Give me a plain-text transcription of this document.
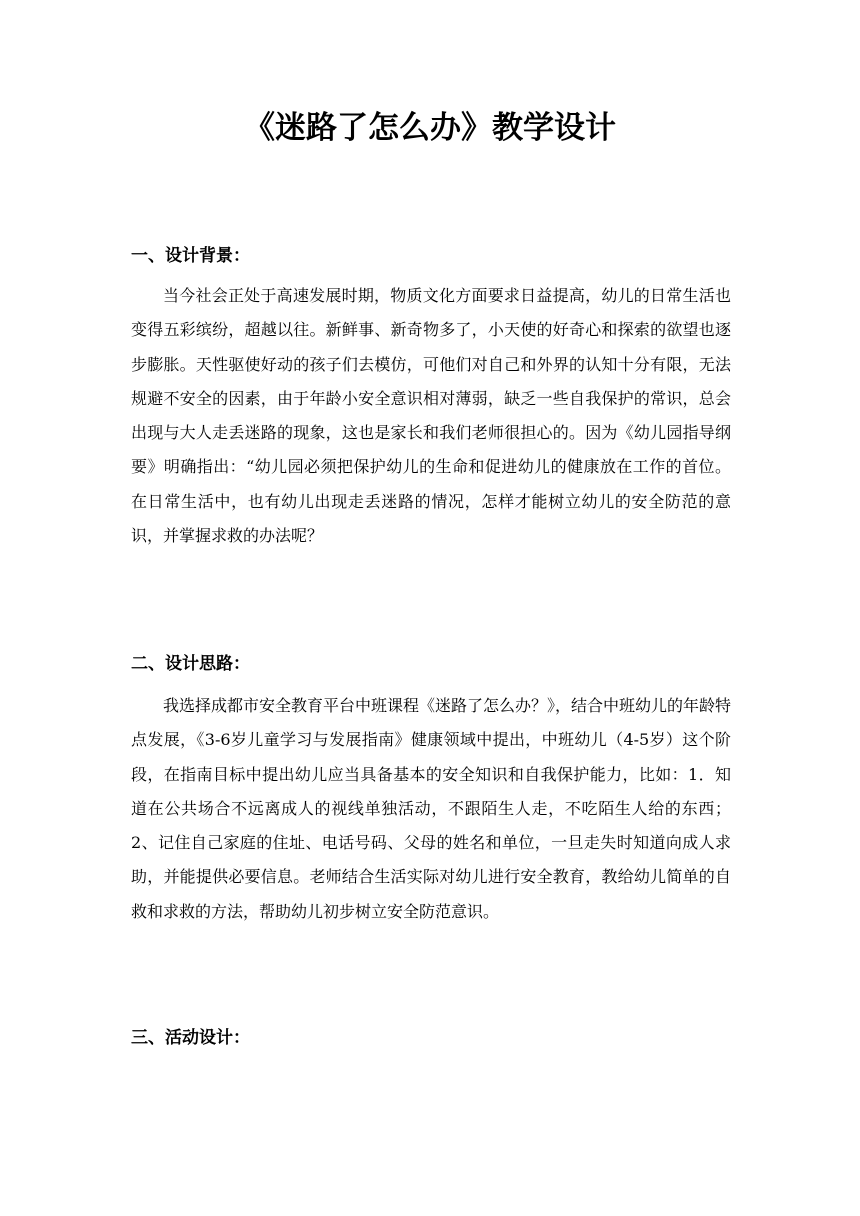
《迷路了怎么办》教学设计
一、设计背景：

当今社会正处于高速发展时期，物质文化方面要求日益提高，幼儿的日常生活也变得五彩缤纷，超越以往。新鲜事、新奇物多了，小天使的好奇心和探索的欲望也逐步膨胀。天性驱使好动的孩子们去模仿，可他们对自己和外界的认知十分有限，无法规避不安全的因素，由于年龄小安全意识相对薄弱，缺乏一些自我保护的常识，总会出现与大人走丢迷路的现象，这也是家长和我们老师很担心的。因为《幼儿园指导纲要》明确指出：“幼儿园必须把保护幼儿的生命和促进幼儿的健康放在工作的首位。在日常生活中，也有幼儿出现走丢迷路的情况，怎样才能树立幼儿的安全防范的意识，并掌握求救的办法呢？

二、设计思路：

我选择成都市安全教育平台中班课程《迷路了怎么办？》，结合中班幼儿的年龄特点发展，《3-6岁儿童学习与发展指南》健康领域中提出，中班幼儿（4-5岁）这个阶段，在指南目标中提出幼儿应当具备基本的安全知识和自我保护能力，比如：1．知道在公共场合不远离成人的视线单独活动，不跟陌生人走，不吃陌生人给的东西；2、记住自己家庭的住址、电话号码、父母的姓名和单位，一旦走失时知道向成人求助，并能提供必要信息。老师结合生活实际对幼儿进行安全教育，教给幼儿简单的自救和求救的方法，帮助幼儿初步树立安全防范意识。

三、活动设计：
